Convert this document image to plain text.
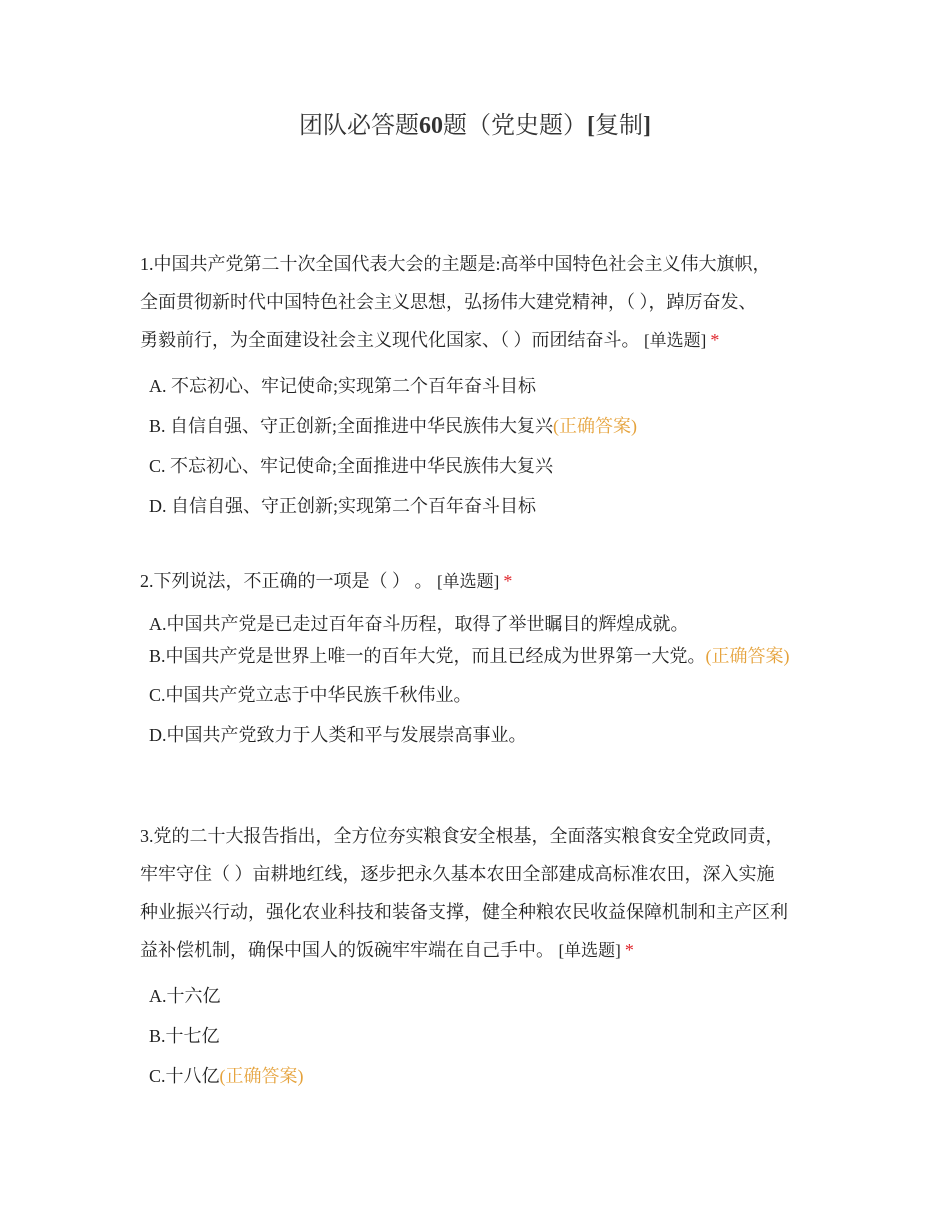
团队必答题60题（党史题）[复制]

1.中国共产党第二十次全国代表大会的主题是:高举中国特色社会主义伟大旗帜，
全面贯彻新时代中国特色社会主义思想，弘扬伟大建党精神，（ ），踔厉奋发、
勇毅前行，为全面建设社会主义现代化国家、（ ）而团结奋斗。 [单选题] *

A. 不忘初心、牢记使命;实现第二个百年奋斗目标
B. 自信自强、守正创新;全面推进中华民族伟大复兴(正确答案)
C. 不忘初心、牢记使命;全面推进中华民族伟大复兴
D. 自信自强、守正创新;实现第二个百年奋斗目标

2.下列说法，不正确的一项是（ ） 。 [单选题] *

A.中国共产党是已走过百年奋斗历程，取得了举世瞩目的辉煌成就。
B.中国共产党是世界上唯一的百年大党，而且已经成为世界第一大党。(正确答案)
C.中国共产党立志于中华民族千秋伟业。
D.中国共产党致力于人类和平与发展崇高事业。

3.党的二十大报告指出，全方位夯实粮食安全根基，全面落实粮食安全党政同责，
牢牢守住（ ）亩耕地红线，逐步把永久基本农田全部建成高标准农田，深入实施
种业振兴行动，强化农业科技和装备支撑，健全种粮农民收益保障机制和主产区利
益补偿机制，确保中国人的饭碗牢牢端在自己手中。 [单选题] *

A.十六亿
B.十七亿
C.十八亿(正确答案)
